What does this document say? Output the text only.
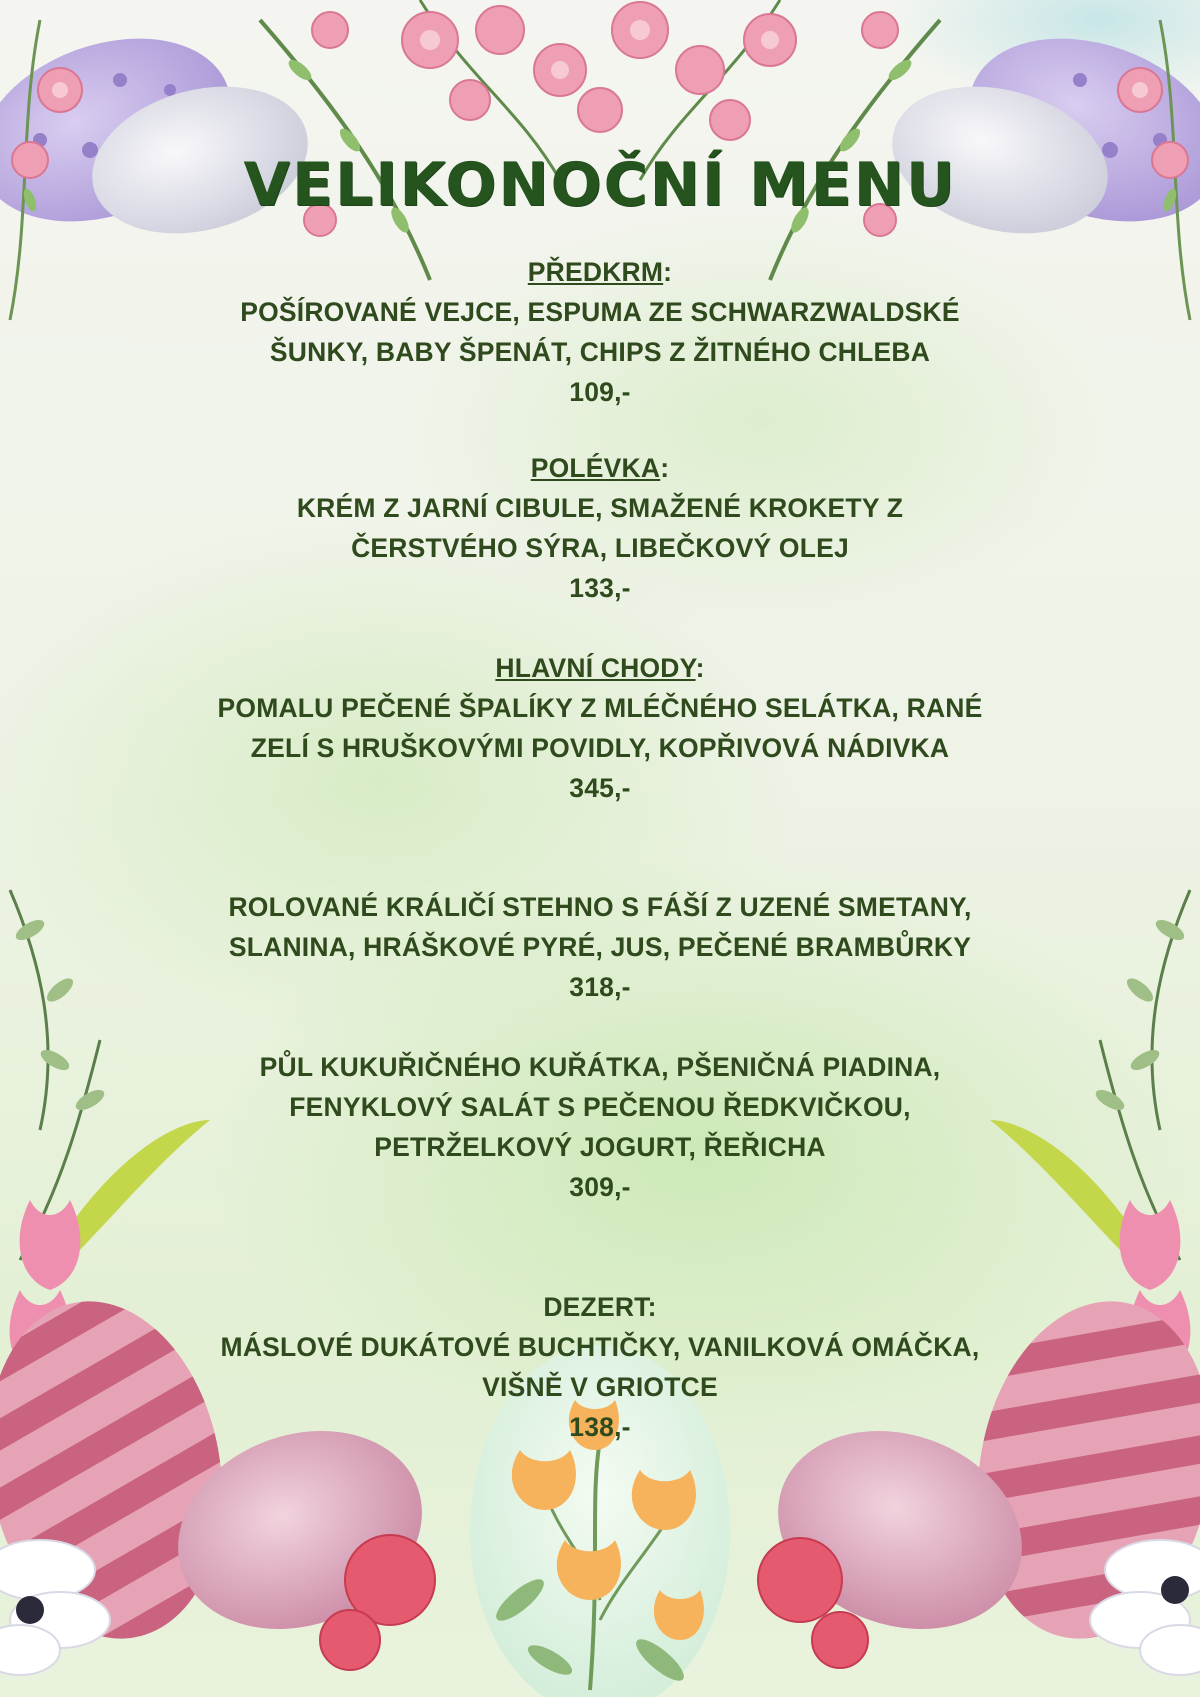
VELIKONOČNÍ MENU
PŘEDKRM:
POŠÍROVANÉ VEJCE, ESPUMA ZE SCHWARZWALDSKÉ
ŠUNKY, BABY ŠPENÁT, CHIPS Z ŽITNÉHO CHLEBA
109,-
POLÉVKA:
KRÉM Z JARNÍ CIBULE, SMAŽENÉ KROKETY Z
ČERSTVÉHO SÝRA, LIBEČKOVÝ OLEJ
133,-
HLAVNÍ CHODY:
POMALU PEČENÉ ŠPALÍKY Z MLÉČNÉHO SELÁTKA, RANÉ
ZELÍ S HRUŠKOVÝMI POVIDLY, KOPŘIVOVÁ NÁDIVKA
345,-
ROLOVANÉ KRÁLIČÍ STEHNO S FÁŠÍ Z UZENÉ SMETANY,
SLANINA, HRÁŠKOVÉ PYRÉ, JUS, PEČENÉ BRAMBŮRKY
318,-
PŮL KUKUŘIČNÉHO KUŘÁTKA, PŠENIČNÁ PIADINA,
FENYKLOVÝ SALÁT S PEČENOU ŘEDKVIČKOU,
PETRŽELKOVÝ JOGURT, ŘEŘICHA
309,-
DEZERT:
MÁSLOVÉ DUKÁTOVÉ BUCHTIČKY, VANILKOVÁ OMÁČKA,
VIŠNĚ V GRIOTCE
138,-
